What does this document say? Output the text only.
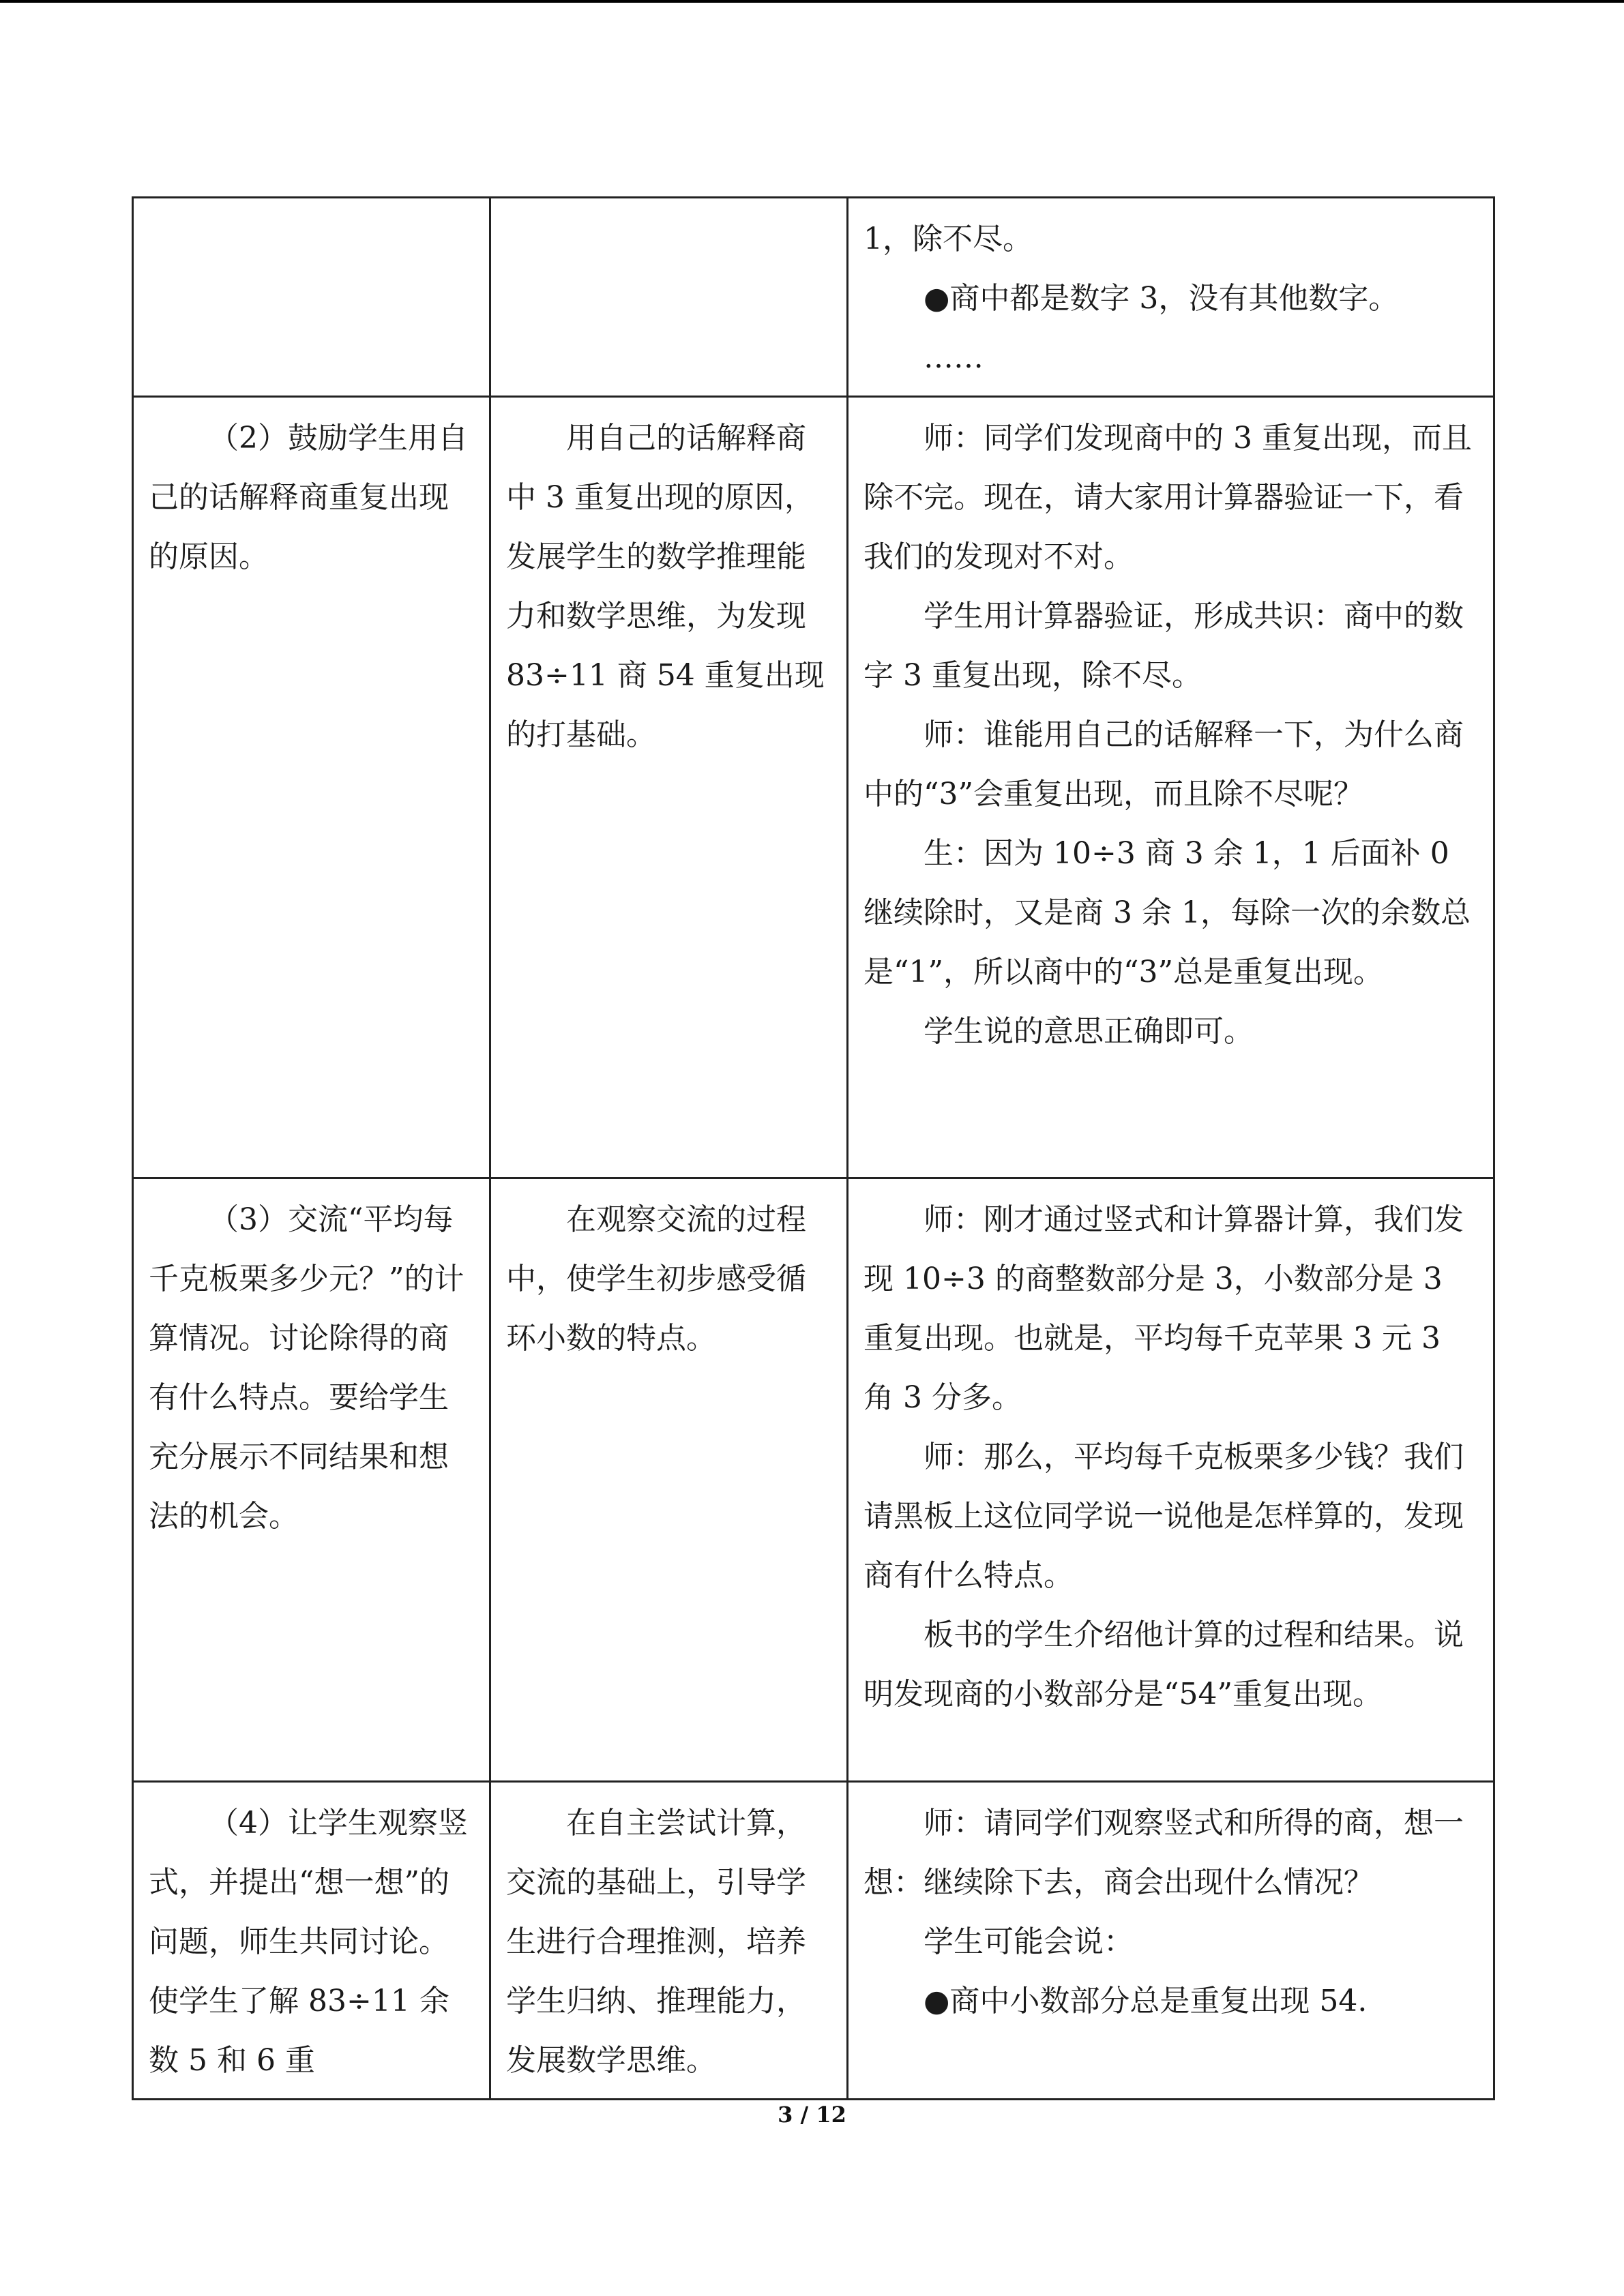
		1，除不尽。

●商中都是数字 3，没有其他数字。

……

（2）鼓励学生用自己的话解释商重复出现的原因。	用自己的话解释商中 3 重复出现的原因，发展学生的数学推理能力和数学思维，为发现 83÷11 商 54 重复出现的打基础。	师：同学们发现商中的 3 重复出现，而且除不完。现在，请大家用计算器验证一下，看我们的发现对不对。

学生用计算器验证，形成共识：商中的数字 3 重复出现，除不尽。

师：谁能用自己的话解释一下，为什么商中的“3”会重复出现，而且除不尽呢？

生：因为 10÷3 商 3 余 1，1 后面补 0 继续除时，又是商 3 余 1，每除一次的余数总是“1”，所以商中的“3”总是重复出现。

学生说的意思正确即可。

（3）交流“平均每千克板栗多少元？”的计算情况。讨论除得的商有什么特点。要给学生充分展示不同结果和想法的机会。	在观察交流的过程中，使学生初步感受循环小数的特点。	师：刚才通过竖式和计算器计算，我们发现 10÷3 的商整数部分是 3，小数部分是 3 重复出现。也就是，平均每千克苹果 3 元 3 角 3 分多。

师：那么，平均每千克板栗多少钱？我们请黑板上这位同学说一说他是怎样算的，发现商有什么特点。

板书的学生介绍他计算的过程和结果。说明发现商的小数部分是“54”重复出现。

（4）让学生观察竖式，并提出“想一想”的问题，师生共同讨论。使学生了解 83÷11 余数 5 和 6 重	在自主尝试计算，交流的基础上，引导学生进行合理推测，培养学生归纳、推理能力，发展数学思维。	师：请同学们观察竖式和所得的商，想一想：继续除下去，商会出现什么情况？

学生可能会说：

●商中小数部分总是重复出现 54.

3 / 12
